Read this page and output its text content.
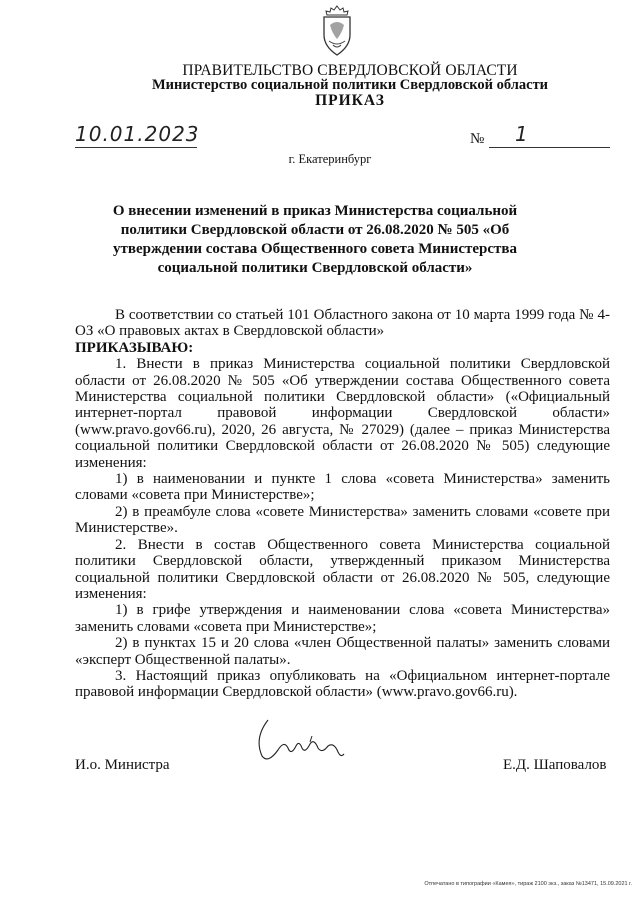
ПРАВИТЕЛЬСТВО СВЕРДЛОВСКОЙ ОБЛАСТИ
Министерство социальной политики Свердловской области
ПРИКАЗ
10.01.2023	№ 1
г. Екатеринбург
О внесении изменений в приказ Министерства социальной политики Свердловской области от 26.08.2020 № 505 «Об утверждении состава Общественного совета Министерства социальной политики Свердловской области»

В соответствии со статьей 101 Областного закона от 10 марта 1999 года № 4-ОЗ «О правовых актах в Свердловской области»

ПРИКАЗЫВАЮ:

1. Внести в приказ Министерства социальной политики Свердловской области от 26.08.2020 № 505 «Об утверждении состава Общественного совета Министерства социальной политики Свердловской области» («Официальный интернет-портал правовой информации Свердловской области» (www.pravo.gov66.ru), 2020, 26 августа, № 27029) (далее – приказ Министерства социальной политики Свердловской области от 26.08.2020 № 505) следующие изменения:

1) в наименовании и пункте 1 слова «совета Министерства» заменить словами «совета при Министерстве»;

2) в преамбуле слова «совете Министерства» заменить словами «совете при Министерстве».

2. Внести в состав Общественного совета Министерства социальной политики Свердловской области, утвержденный приказом Министерства социальной политики Свердловской области от 26.08.2020 № 505, следующие изменения:

1) в грифе утверждения и наименовании слова «совета Министерства» заменить словами «совета при Министерстве»;

2) в пунктах 15 и 20 слова «член Общественной палаты» заменить словами «эксперт Общественной палаты».

3. Настоящий приказ опубликовать на «Официальном интернет-портале правовой информации Свердловской области» (www.pravo.gov66.ru).

И.о. Министра	Е.Д. Шаповалов
Отпечатано в типографии «Камея», тираж 2100 экз., заказ №13471, 15.09.2021 г.
